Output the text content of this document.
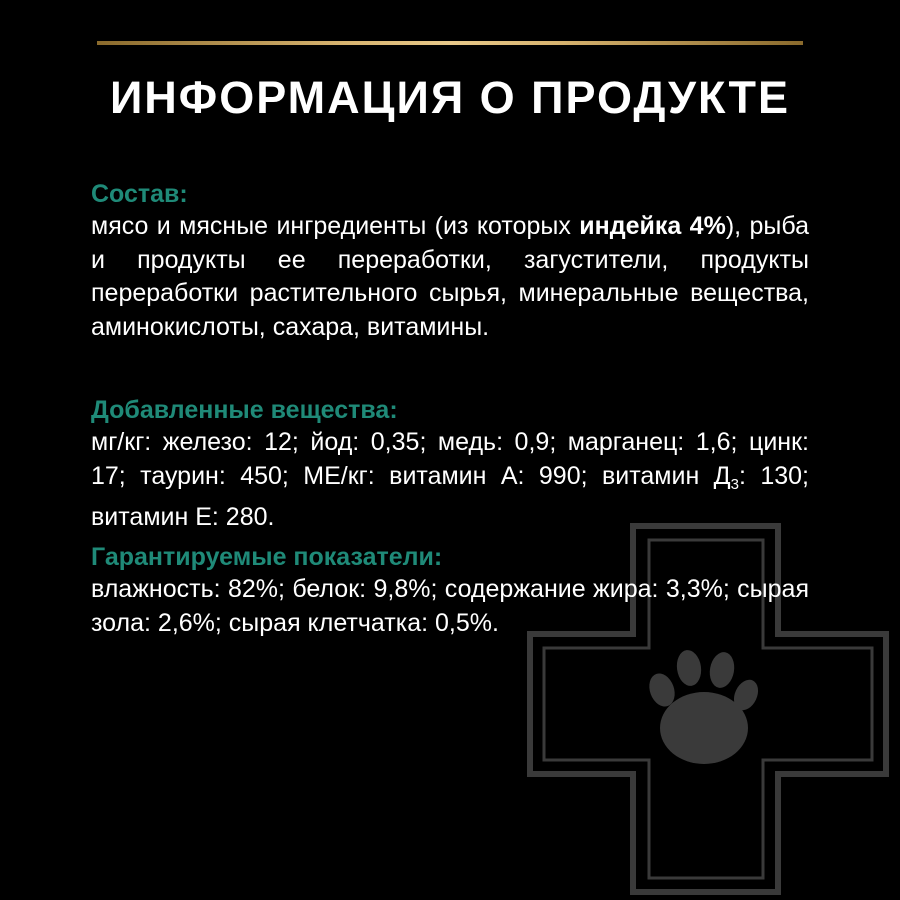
ИНФОРМАЦИЯ О ПРОДУКТЕ

Состав:

мясо и мясные ингредиенты (из которых индейка 4%), рыба и продукты ее переработки, загустители, продукты переработки растительного сырья, минеральные вещества, аминокислоты, сахара, витамины.

Добавленные вещества:

мг/кг: железо: 12; йод: 0,35; медь: 0,9; марганец: 1,6; цинк: 17; таурин: 450; МЕ/кг: витамин А: 990; витамин $Д_3$: 130; витамин Е: 280.

Гарантируемые показатели:

влажность: 82%; белок: 9,8%; содержание жира: 3,3%; сырая зола: 2,6%; сырая клетчатка: 0,5%.
